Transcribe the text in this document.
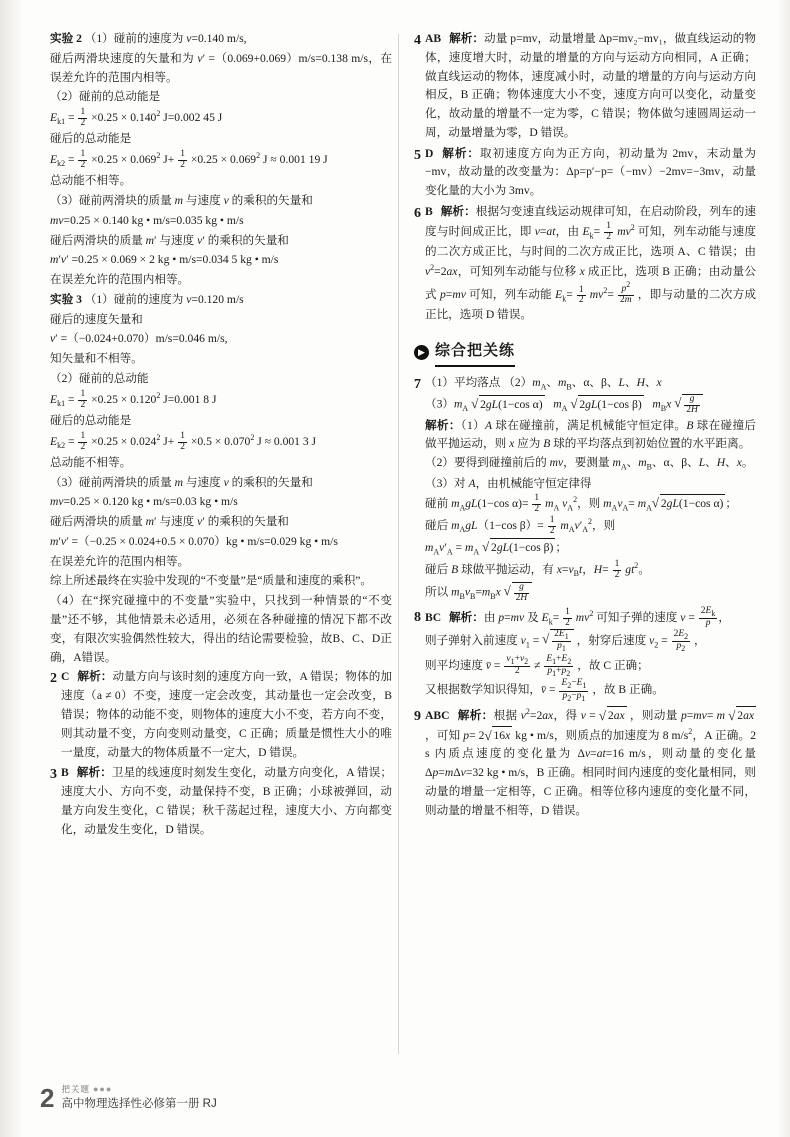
实验 2 （1）碰前的速度为 v=0.140 m/s,

碰后两滑块速度的矢量和为 v′ =（0.069+0.069）m/s=0.138 m/s，在误差允许的范围内相等。

（2）碰前的总动能是

$E_{k1} = \frac{1}{2} \times 0.25 \times 0.140^2$ J=0.002 45 J

碰后的总动能是

$E_{k2} = \frac{1}{2} \times 0.25 \times 0.069^2$ $J+ \frac{1}{2} \times 0.25 \times 0.069^2$ J ≈ 0.001 19 J

总动能不相等。

（3）碰前两滑块的质量 m 与速度 v 的乘积的矢量和

mv=0.25 × 0.140 kg • m/s=0.035 kg • m/s

碰后两滑块的质量 m′ 与速度 v′ 的乘积的矢量和

m′v′ =0.25 × 0.069 × 2 kg • m/s=0.034 5 kg • m/s

在误差允许的范围内相等。

实验 3 （1）碰前的速度为 v=0.120 m/s

碰后的速度矢量和

v′ =（−0.024+0.070）m/s=0.046 m/s,

知矢量和不相等。

（2）碰前的总动能

$E_{k1} = \frac{1}{2} \times 0.25 \times 0.120^2$ J=0.001 8 J

碰后的总动能是

$E_{k2} = \frac{1}{2} \times 0.25 \times 0.024^2$ $J+ \frac{1}{2} \times 0.5 \times 0.070^2$ J ≈ 0.001 3 J

总动能不相等。

（3）碰前两滑块的质量 m 与速度 v 的乘积的矢量和

mv=0.25 × 0.120 kg • m/s=0.03 kg • m/s

碰后两滑块的质量 m′ 与速度 v′ 的乘积的矢量和

m′v′ =（−0.25 × 0.024+0.5 × 0.070）kg • m/s=0.029 kg • m/s

在误差允许的范围内相等。

综上所述最终在实验中发现的“不变量”是“质量和速度的乘积”。

（4）在“探究碰撞中的不变量”实验中，只找到一种情景的“不变量”还不够，其他情景未必适用，必须在各种碰撞的情况下都不改变，有限次实验偶然性较大，得出的结论需要检验，故B、C、D正确，A错误。

2 C 解析：动量方向与该时刻的速度方向一致，A 错误；物体的加速度（a ≠ 0）不变，速度一定会改变，其动量也一定会改变，B 错误；物体的动能不变，则物体的速度大小不变，若方向不变，则其动量不变，方向变则动量变，C 正确；质量是惯性大小的唯一量度，动量大的物体质量不一定大，D 错误。
3 B 解析：卫星的线速度时刻发生变化，动量方向变化，A 错误；速度大小、方向不变，动量保持不变，B 正确；小球被弹回，动量方向发生变化，C 错误；秋千荡起过程，速度大小、方向都变化，动量发生变化，D 错误。
4 AB 解析：动量 p=mv，动量增量 Δp=mv₂−mv₁，做直线运动的物体，速度增大时，动量的增量的方向与运动方向相同，A 正确；做直线运动的物体，速度减小时，动量的增量的方向与运动方向相反，B 正确；物体速度大小不变，速度方向可以变化，动量变化，故动量的增量不一定为零，C 错误；物体做匀速圆周运动一周，动量增量为零，D 错误。
5 D 解析：取初速度方向为正方向，初动量为 2mv，末动量为 −mv，故动量的改变量为：Δp=p′−p=（−mv）−2mv=−3mv，动量变化量的大小为 3mv。
6 B 解析：根据匀变速直线运动规律可知，在启动阶段，列车的速度与时间成正比，即 v=at，由 $E_k= \frac{1}{2} mv^2$ 可知，列车动能与速度的二次方成正比，与时间的二次方成正比，选项 A、C 错误；由 $v^2=2ax$，可知列车动能与位移 x 成正比，选项 B 正确；由动量公式 p=mv 可知，列车动能 $E_k= \frac{1}{2} mv^2= \frac{p^2}{2m}$ ，即与动量的二次方成正比，选项 D 错误。
▶ 综合把关练
7 （1）平均落点 $(2)m_A$、$m_B$、α、β、L、H、x

$(3)m_A$ √ 2gL(1−cos α) $m_A$ √ 2gL(1−cos β) $m_Bx$ √ $\frac{g}{2H}$

解析：（1）A 球在碰撞前，满足机械能守恒定律。B 球在碰撞后做平抛运动，则 x 应为 B 球的平均落点到初始位置的水平距离。

（2）要得到碰撞前后的 mv，要测量 $m_A$、$m_B$、α、β、L、H、x。

（3）对 A，由机械能守恒定律得

碰前 $m_AgL(1-\cos$ $\alpha)= \frac{1}{2} m_A$ $v_A^2$，则 $m_Av_A= m_A$ √ 2gL(1−cos α) ；

碰后 $m_AgL(1-\cos$ $\beta)= \frac{1}{2} m_Av'_A^2$，则

$m_Av'_A = m_A$ √ 2gL(1−cos β) ；

碰后 B 球做平抛运动，有 $x=v_Bt$，$H= \frac{1}{2} gt^2$。

所以 $m_Bv_B=m_Bx$ √ $\frac{g}{2H}$

8 BC 解析：由 p=mv 及 $E_k= \frac{1}{2} mv^2$ 可知子弹的速度 $v = \frac{2E_k}{p}$ ，

则子弹射入前速度 $v_1$ = √ $\frac{2E_1}{p_1}$ ，射穿后速度 $v_2 = \frac{2E_2}{p_2}$ ，

则平均速度 v̄ = $\frac{v_1+v_2}{2} \ne \frac{E_1+E_2}{p_1+p_2}$ ，故 C 正确；

又根据数学知识得知，v̄ = $\frac{E_2-E_1}{p_2-p_1}$ ，故 B 正确。

9 ABC 解析：根据 $v^2=2ax$，得 v = √ 2ax ，则动量 p=mv= m √ 2ax ，可知 p= 2 √ 16x kg • m/s，则质点的加速度为 8 $m/s^2$，A 正确。2 s 内质点速度的变化量为 Δv=at=16 m/s，则动量的变化量 Δp=mΔv=32 kg • m/s，B 正确。相同时间内速度的变化量相同，则动量的增量一定相等，C 正确。相等位移内速度的变化量不同，则动量的增量不相等，D 错误。
2 把关题 ●●●
高中物理选择性必修第一册 RJ
